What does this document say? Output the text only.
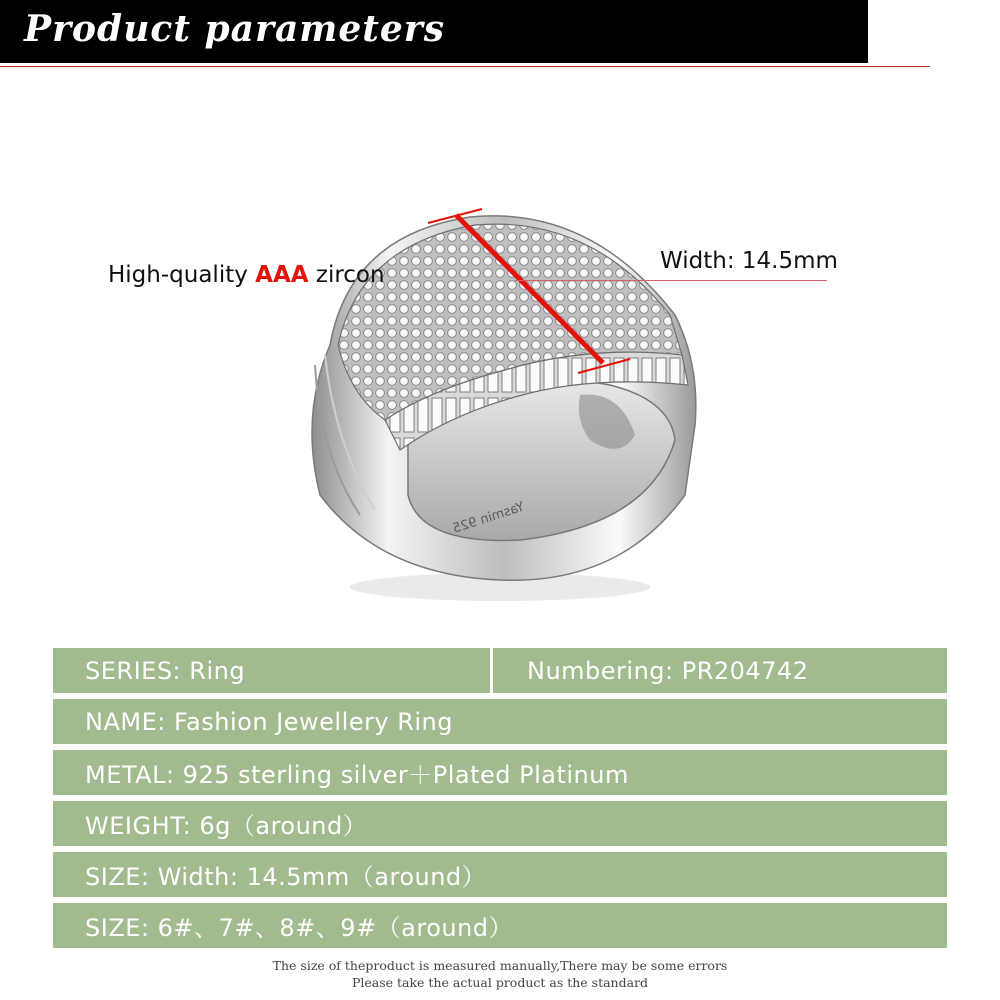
Product parameters
Yasmin 925
High-quality AAA zircon
Width: 14.5mm
SERIES: Ring	Numbering: PR204742
NAME: Fashion Jewellery Ring
METAL: 925 sterling silver＋Plated Platinum
WEIGHT: 6g（around）
SIZE: Width: 14.5mm（around）
SIZE: 6#、7#、8#、9#（around）
The size of theproduct is measured manually,There may be some errors
Please take the actual product as the standard
